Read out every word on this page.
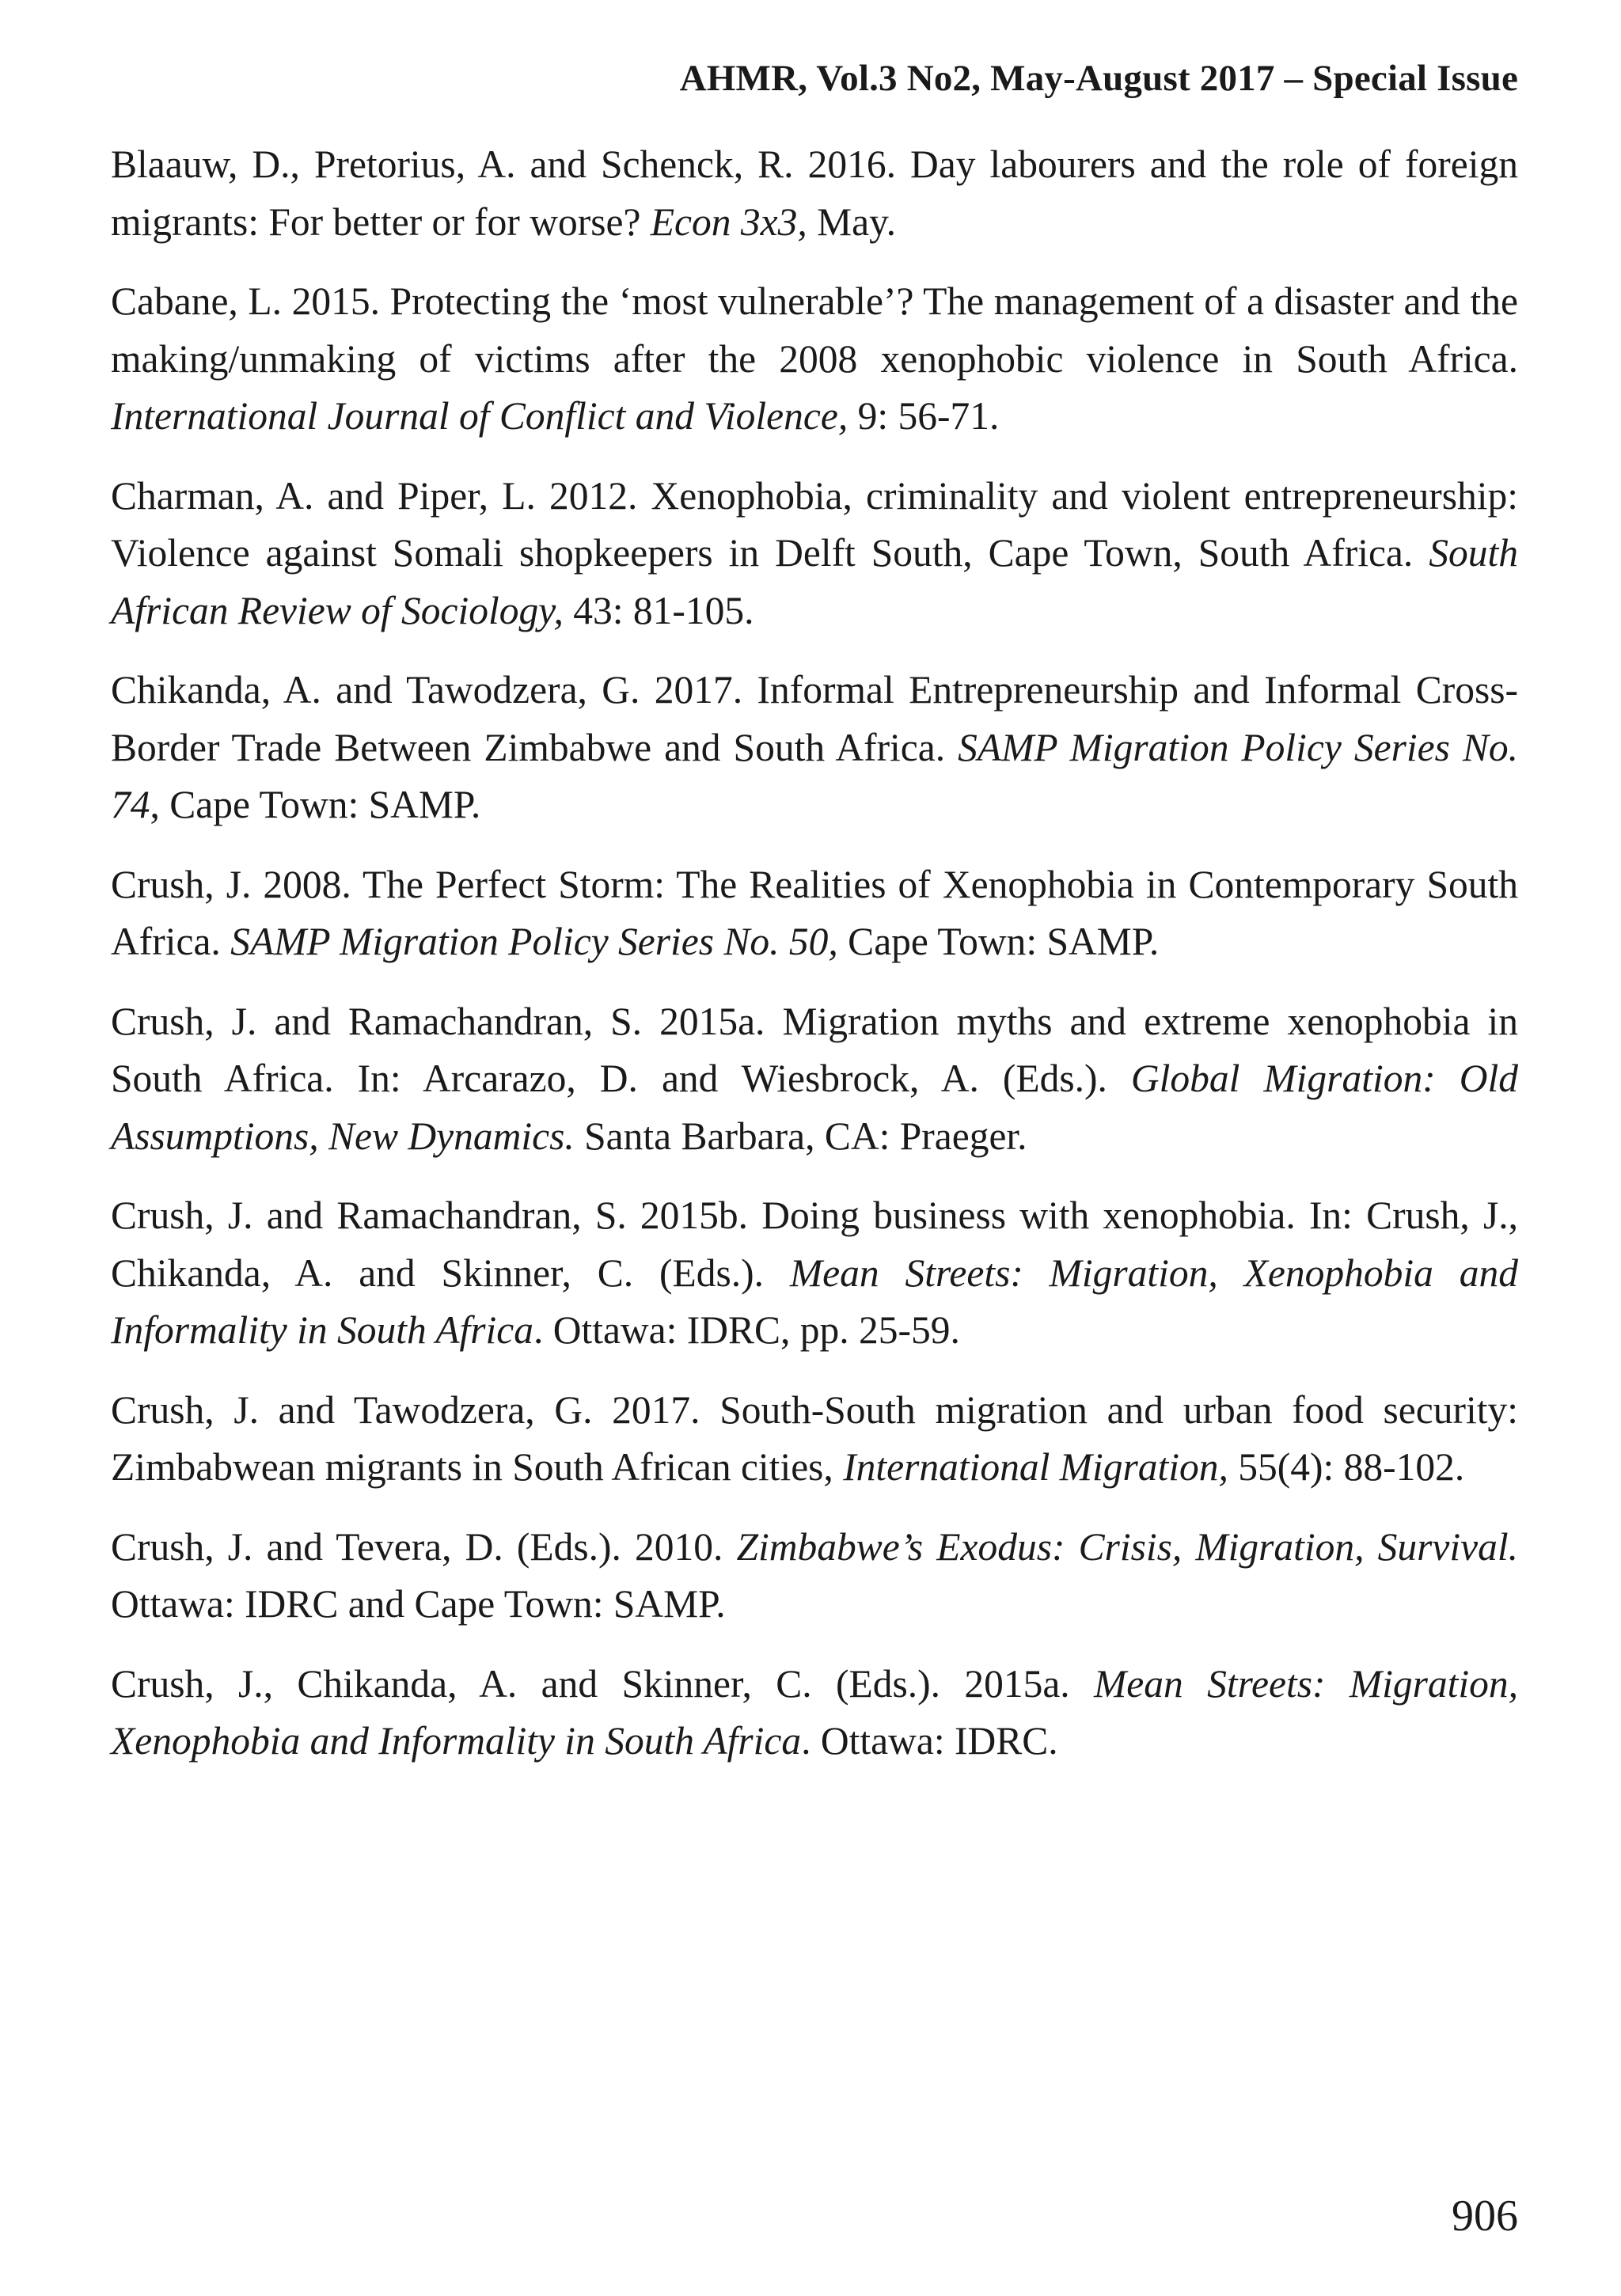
AHMR, Vol.3 No2, May-August 2017 – Special Issue

Blaauw, D., Pretorius, A. and Schenck, R. 2016. Day labourers and the role of foreign migrants: For better or for worse? Econ 3x3, May.

Cabane, L. 2015. Protecting the ‘most vulnerable’? The management of a disaster and the making/unmaking of victims after the 2008 xenophobic violence in South Africa. International Journal of Conflict and Violence, 9: 56-71.

Charman, A. and Piper, L. 2012. Xenophobia, criminality and violent entrepreneurship: Violence against Somali shopkeepers in Delft South, Cape Town, South Africa. South African Review of Sociology, 43: 81-105.

Chikanda, A. and Tawodzera, G. 2017. Informal Entrepreneurship and Informal Cross-Border Trade Between Zimbabwe and South Africa. SAMP Migration Policy Series No. 74, Cape Town: SAMP.

Crush, J. 2008. The Perfect Storm: The Realities of Xenophobia in Contemporary South Africa. SAMP Migration Policy Series No. 50, Cape Town: SAMP.

Crush, J. and Ramachandran, S. 2015a. Migration myths and extreme xenophobia in South Africa. In: Arcarazo, D. and Wiesbrock, A. (Eds.). Global Migration: Old Assumptions, New Dynamics. Santa Barbara, CA: Praeger.

Crush, J. and Ramachandran, S. 2015b. Doing business with xenophobia. In: Crush, J., Chikanda, A. and Skinner, C. (Eds.). Mean Streets: Migration, Xenophobia and Informality in South Africa. Ottawa: IDRC, pp. 25-59.

Crush, J. and Tawodzera, G. 2017. South-South migration and urban food security: Zimbabwean migrants in South African cities, International Migration, 55(4): 88-102.

Crush, J. and Tevera, D. (Eds.). 2010. Zimbabwe’s Exodus: Crisis, Migration, Survival. Ottawa: IDRC and Cape Town: SAMP.

Crush, J., Chikanda, A. and Skinner, C. (Eds.). 2015a. Mean Streets: Migration, Xenophobia and Informality in South Africa. Ottawa: IDRC.

906
